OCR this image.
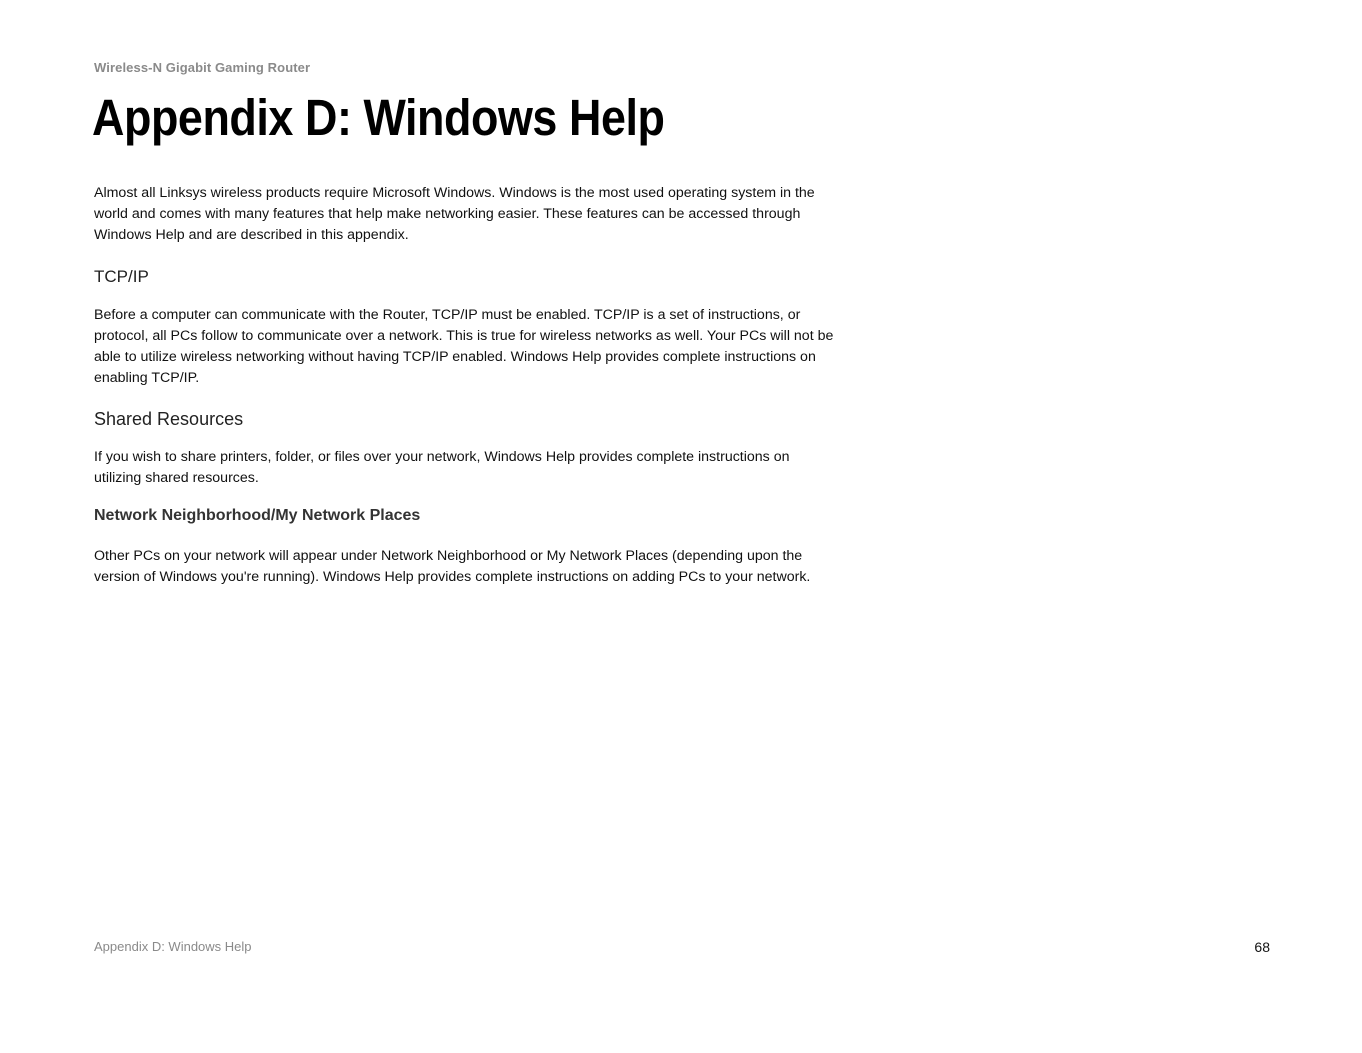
Wireless-N Gigabit Gaming Router
Appendix D: Windows Help

Almost all Linksys wireless products require Microsoft Windows. Windows is the most used operating system in the world and comes with many features that help make networking easier. These features can be accessed through Windows Help and are described in this appendix.

TCP/IP

Before a computer can communicate with the Router, TCP/IP must be enabled. TCP/IP is a set of instructions, or protocol, all PCs follow to communicate over a network. This is true for wireless networks as well. Your PCs will not be able to utilize wireless networking without having TCP/IP enabled. Windows Help provides complete instructions on enabling TCP/IP.

Shared Resources

If you wish to share printers, folder, or files over your network, Windows Help provides complete instructions on utilizing shared resources.

Network Neighborhood/My Network Places

Other PCs on your network will appear under Network Neighborhood or My Network Places (depending upon the version of Windows you're running). Windows Help provides complete instructions on adding PCs to your network.

Appendix D: Windows Help	68
